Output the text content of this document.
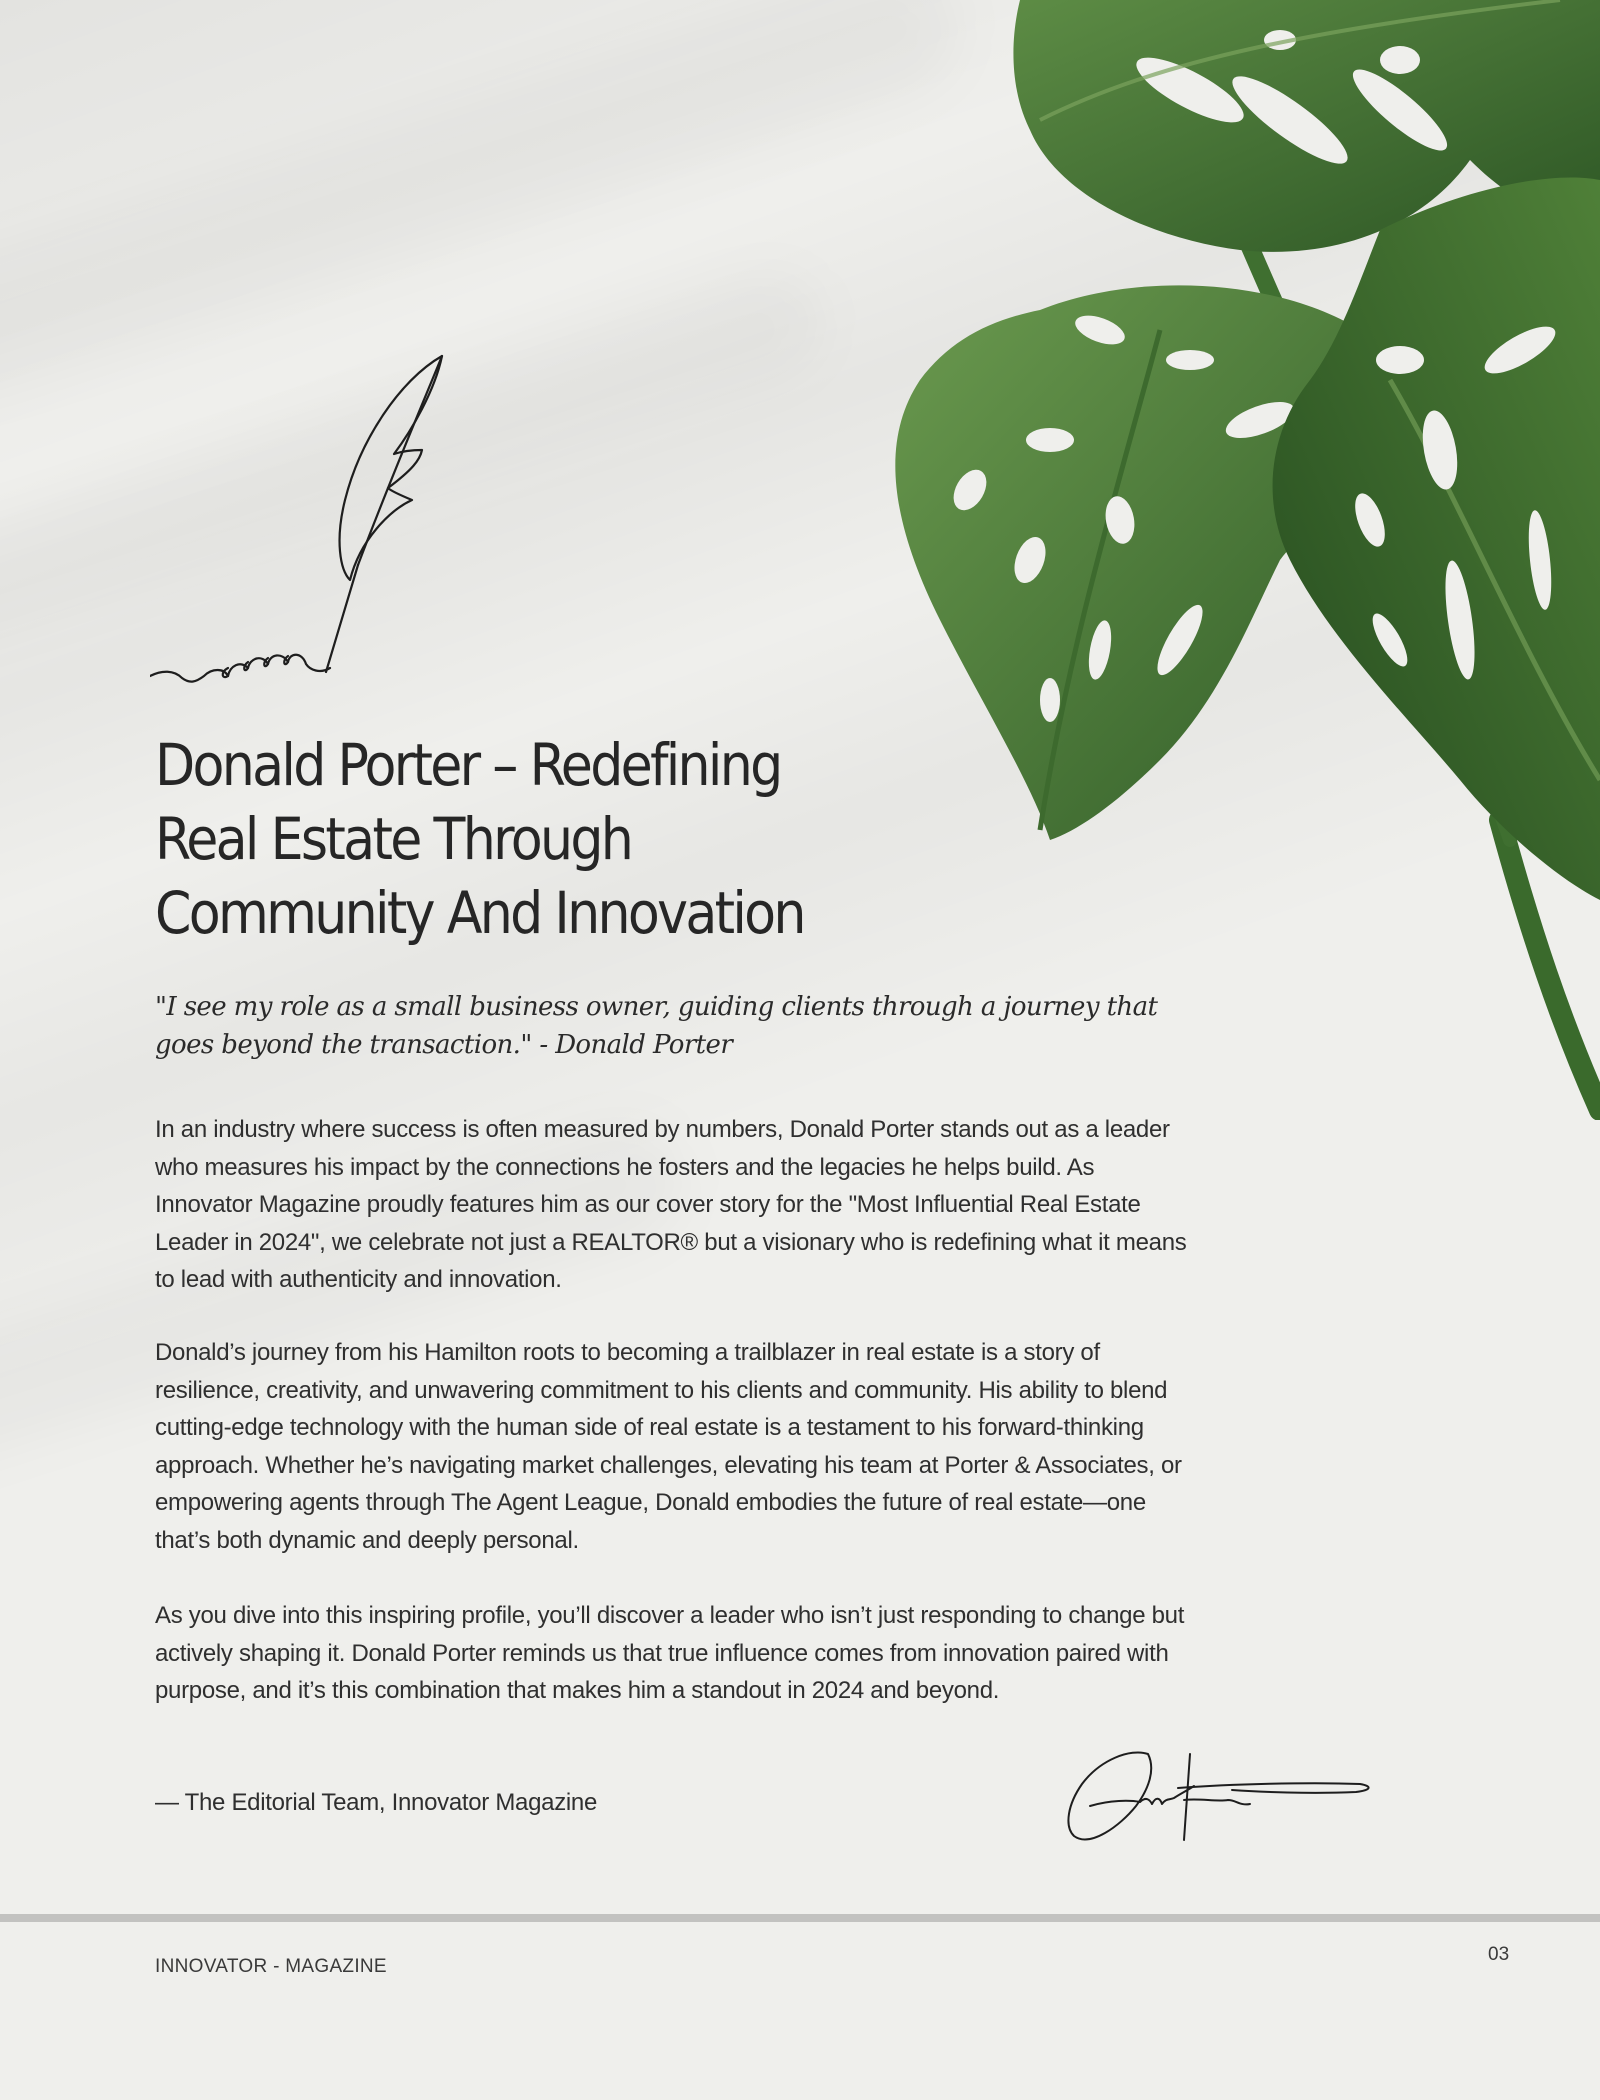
Donald Porter – Redefining Real Estate Through Community And Innovation

"I see my role as a small business owner, guiding clients through a journey that goes beyond the transaction." - Donald Porter

In an industry where success is often measured by numbers, Donald Porter stands out as a leader who measures his impact by the connections he fosters and the legacies he helps build. As Innovator Magazine proudly features him as our cover story for the "Most Influential Real Estate Leader in 2024", we celebrate not just a REALTOR® but a visionary who is redefining what it means to lead with authenticity and innovation.

Donald’s journey from his Hamilton roots to becoming a trailblazer in real estate is a story of resilience, creativity, and unwavering commitment to his clients and community. His ability to blend cutting-edge technology with the human side of real estate is a testament to his forward-thinking approach. Whether he’s navigating market challenges, elevating his team at Porter & Associates, or empowering agents through The Agent League, Donald embodies the future of real estate—one that’s both dynamic and deeply personal.

As you dive into this inspiring profile, you’ll discover a leader who isn’t just responding to change but actively shaping it. Donald Porter reminds us that true influence comes from innovation paired with purpose, and it’s this combination that makes him a standout in 2024 and beyond.

— The Editorial Team, Innovator Magazine

INNOVATOR - MAGAZINE
03
